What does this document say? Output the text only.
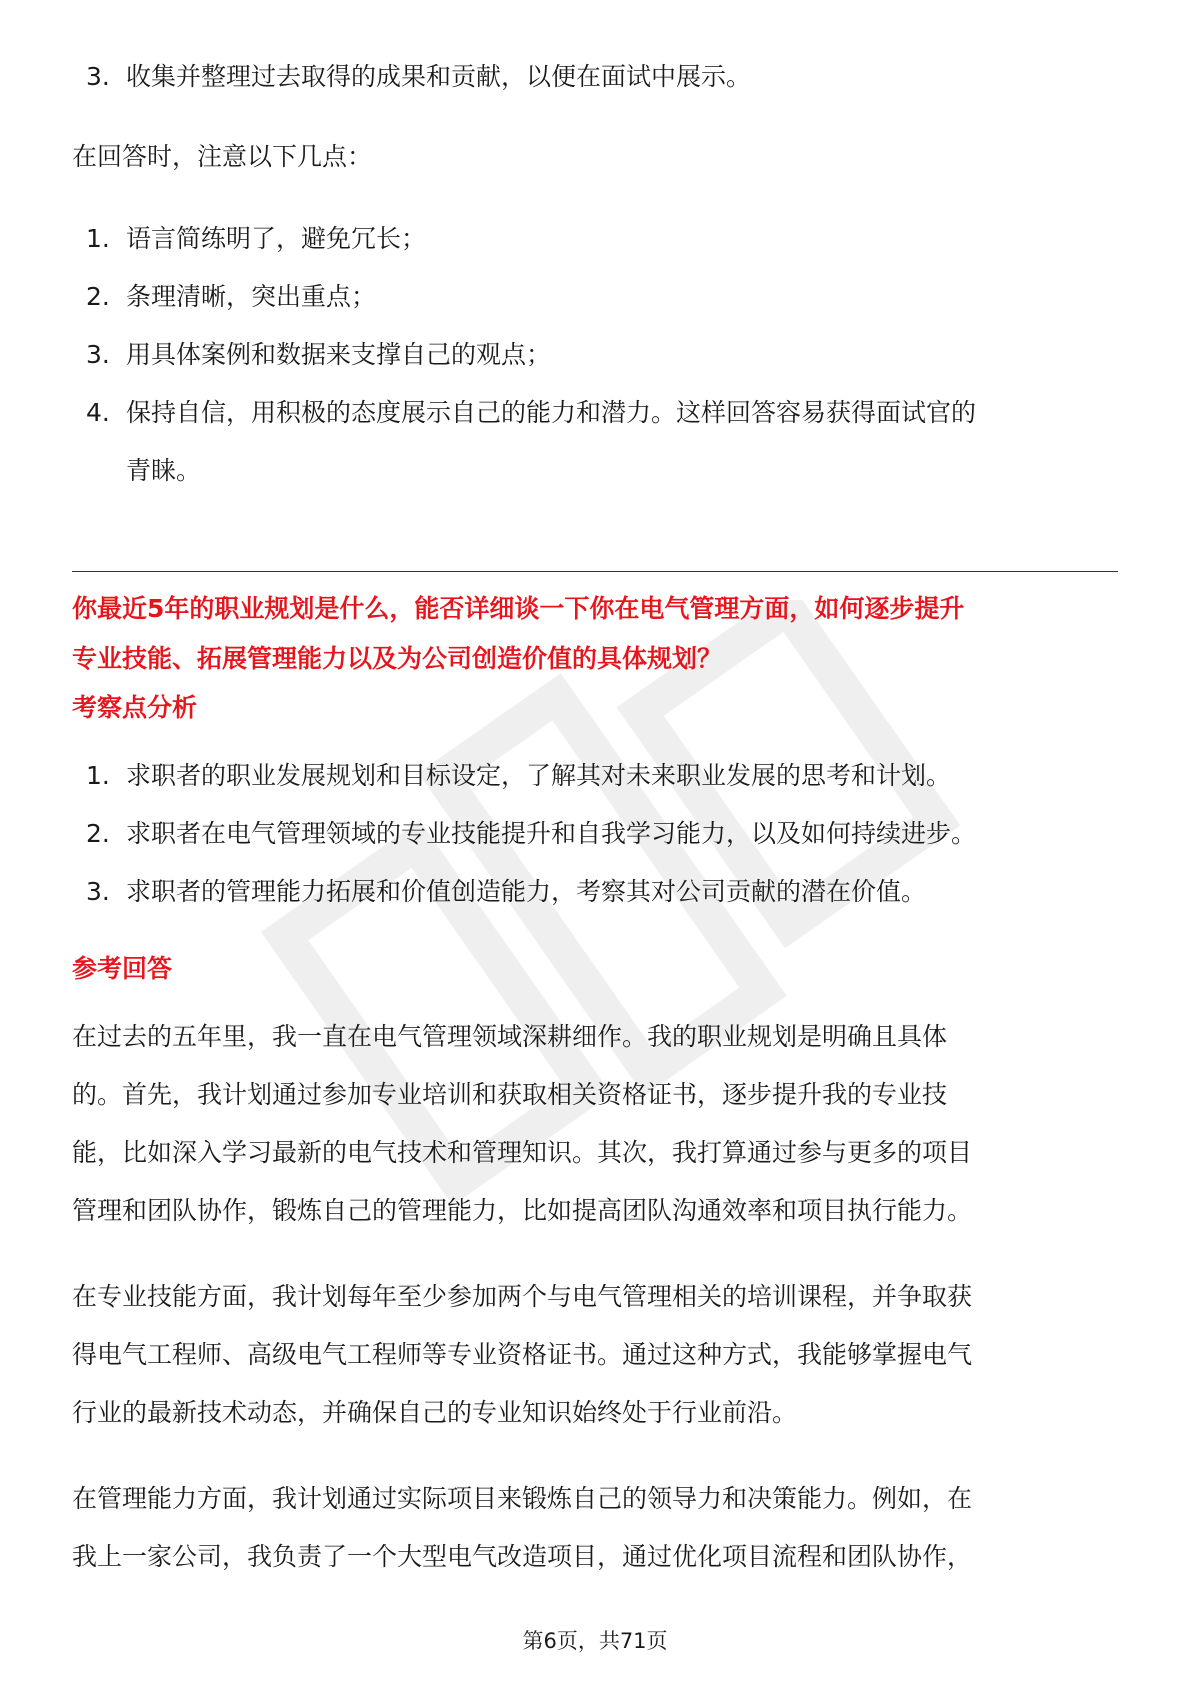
3. 收集并整理过去取得的成果和贡献，以便在面试中展示。

在回答时，注意以下几点：

1. 语言简练明了，避免冗长；
2. 条理清晰，突出重点；
3. 用具体案例和数据来支撑自己的观点；
4. 保持自信，用积极的态度展示自己的能力和潜力。这样回答容易获得面试官的
青睐。

你最近5年的职业规划是什么，能否详细谈一下你在电气管理方面，如何逐步提升

专业技能、拓展管理能力以及为公司创造价值的具体规划？

考察点分析

1. 求职者的职业发展规划和目标设定，了解其对未来职业发展的思考和计划。
2. 求职者在电气管理领域的专业技能提升和自我学习能力，以及如何持续进步。
3. 求职者的管理能力拓展和价值创造能力，考察其对公司贡献的潜在价值。

参考回答

在过去的五年里，我一直在电气管理领域深耕细作。我的职业规划是明确且具体

的。首先，我计划通过参加专业培训和获取相关资格证书，逐步提升我的专业技

能，比如深入学习最新的电气技术和管理知识。其次，我打算通过参与更多的项目

管理和团队协作，锻炼自己的管理能力，比如提高团队沟通效率和项目执行能力。

在专业技能方面，我计划每年至少参加两个与电气管理相关的培训课程，并争取获

得电气工程师、高级电气工程师等专业资格证书。通过这种方式，我能够掌握电气

行业的最新技术动态，并确保自己的专业知识始终处于行业前沿。

在管理能力方面，我计划通过实际项目来锻炼自己的领导力和决策能力。例如，在

我上一家公司，我负责了一个大型电气改造项目，通过优化项目流程和团队协作，

第6页，共71页
